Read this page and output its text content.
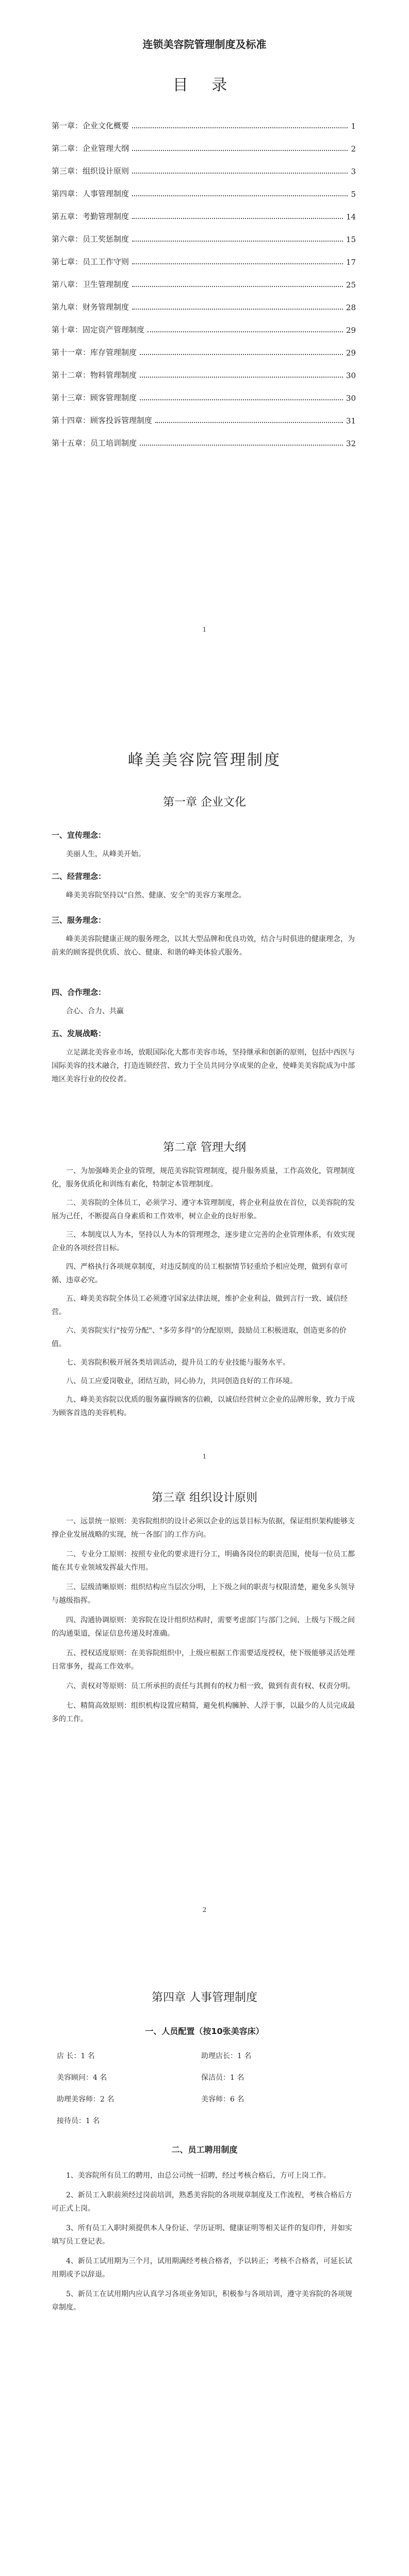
连锁美容院管理制度及标准
目 录
第一章：企业文化概要	1
第二章：企业管理大纲	2
第三章：组织设计原则	3
第四章：人事管理制度	5
第五章：考勤管理制度	14
第六章：员工奖惩制度	15
第七章：员工工作守则	17
第八章：卫生管理制度	25
第九章：财务管理制度	28
第十章：固定资产管理制度	29
第十一章：库存管理制度	29
第十二章：物料管理制度	30
第十三章：顾客管理制度	30
第十四章：顾客投诉管理制度	31
第十五章：员工培训制度	32
1
峰美美容院管理制度
第一章 企业文化
一、宣传理念：
美丽人生，从峰美开始。
二、经营理念：
峰美美容院坚持以"自然、健康、安全"的美容方案理念。
三、服务理念：
峰美美容院健康正规的服务理念，以其大型品牌和优良功效，结合与时俱进的健康理念，为前来的顾客提供优质、放心、健康、和谐的峰美体验式服务。
四、合作理念：
合心、合力、共赢
五、发展战略：
立足湖北美容业市场，放眼国际化大都市美容市场，坚持继承和创新的原则，包括中西医与国际美容的技术融合，打造连锁经营、致力于全员共同分享成果的企业，使峰美美容院成为中部地区美容行业的佼佼者。
第二章 管理大纲
一、为加强峰美企业的管理，规范美容院管理制度，提升服务质量，工作高效化，管理制度化，服务优质化和训练有素化，特制定本管理制度。
二、美容院的全体员工，必须学习、遵守本管理制度，将企业利益放在首位，以美容院的发展为己任，不断提高自身素质和工作效率，树立企业的良好形象。
三、本制度以人为本，坚持以人为本的管理理念，逐步建立完善的企业管理体系，有效实现企业的各项经营目标。
四、严格执行各项规章制度，对违反制度的员工根据情节轻重给予相应处理，做到有章可循、违章必究。
五、峰美美容院全体员工必须遵守国家法律法规，维护企业利益，做到言行一致、诚信经营。
六、美容院实行"按劳分配"、"多劳多得"的分配原则，鼓励员工积极进取，创造更多的价值。
七、美容院积极开展各类培训活动，提升员工的专业技能与服务水平。
八、员工应爱岗敬业，团结互助，同心协力，共同创造良好的工作环境。
九、峰美美容院以优质的服务赢得顾客的信赖，以诚信经营树立企业的品牌形象，致力于成为顾客首选的美容机构。
1
第三章 组织设计原则
一、远景统一原则：美容院组织的设计必须以企业的远景目标为依据，保证组织架构能够支撑企业发展战略的实现，统一各部门的工作方向。
二、专业分工原则：按照专业化的要求进行分工，明确各岗位的职责范围，使每一位员工都能在其专业领域发挥最大作用。
三、层级清晰原则：组织结构应当层次分明，上下级之间的职责与权限清楚，避免多头领导与越级指挥。
四、沟通协调原则：美容院在设计组织结构时，需要考虑部门与部门之间、上级与下级之间的沟通渠道，保证信息传递及时准确。
五、授权适度原则：在美容院组织中，上级应根据工作需要适度授权，使下级能够灵活处理日常事务，提高工作效率。
六、责权对等原则：员工所承担的责任与其拥有的权力相一致，做到有责有权、权责分明。
七、精简高效原则：组织机构设置应精简，避免机构臃肿、人浮于事，以最少的人员完成最多的工作。
2
第四章 人事管理制度
一、人员配置（按10张美容床）
店 长：1 名	助理店长：1 名
美容顾问：4 名	保洁员：1 名
助理美容师：2 名	美容师：6 名
接待员：1 名
二、员工聘用制度
1、美容院所有员工的聘用，由总公司统一招聘，经过考核合格后，方可上岗工作。
2、新员工入职前须经过岗前培训，熟悉美容院的各项规章制度及工作流程，考核合格后方可正式上岗。
3、所有员工入职时须提供本人身份证、学历证明、健康证明等相关证件的复印件，并如实填写员工登记表。
4、新员工试用期为三个月，试用期满经考核合格者，予以转正；考核不合格者，可延长试用期或予以辞退。
5、新员工在试用期内应认真学习各项业务知识，积极参与各项培训，遵守美容院的各项规章制度。
